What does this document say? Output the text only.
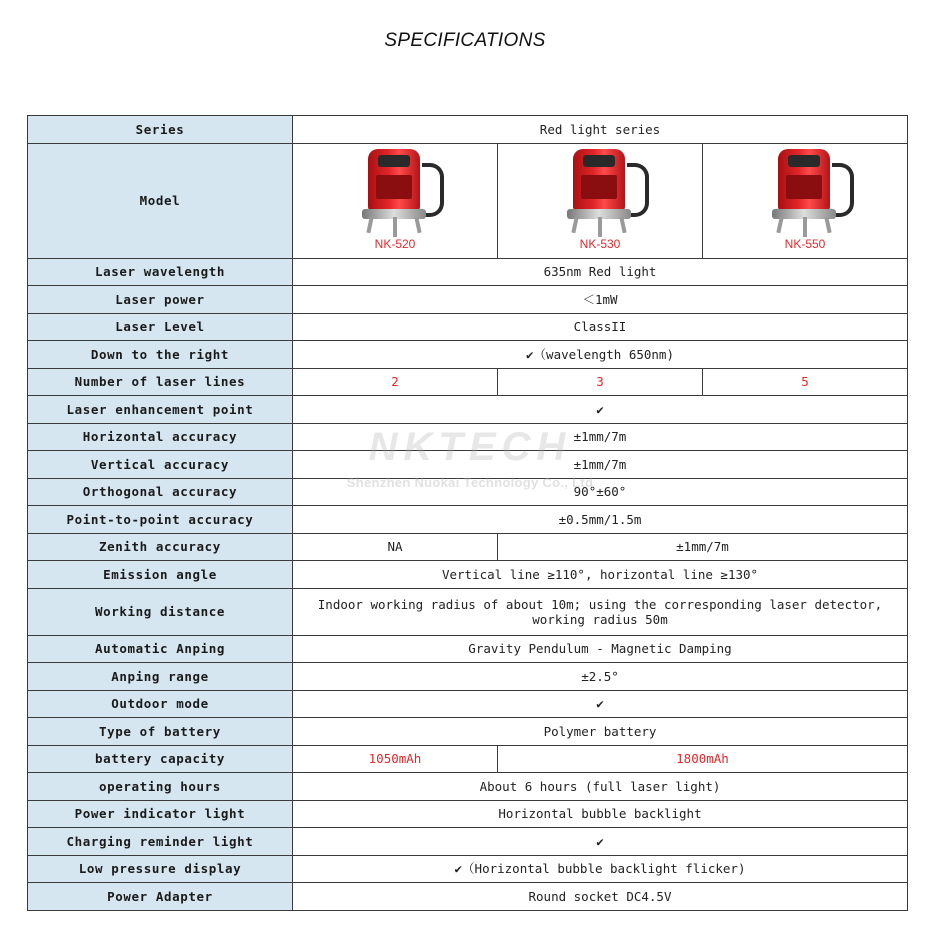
SPECIFICATIONS
Series	Red light series		
Model	NK-520	NK-530	NK-550

Laser wavelength	635nm Red light		
Laser power	＜1mW		
Laser Level	ClassII		
Down to the right	✔（wavelength 650nm)		
Number of laser lines	2	3	5
Laser enhancement point	✔		
Horizontal accuracy	±1mm/7m		
Vertical accuracy	±1mm/7m		
Orthogonal accuracy	90°±60°		
Point-to-point accuracy	±0.5mm/1.5m		
Zenith accuracy	NA	±1mm/7m	
Emission angle	Vertical line ≥110°, horizontal line ≥130°		
Working distance	Indoor working radius of about 10m; using the corresponding laser detector,
working radius 50m		

Automatic Anping	Gravity Pendulum - Magnetic Damping		
Anping range	±2.5°		
Outdoor mode	✔		
Type of battery	Polymer battery		
battery capacity	1050mAh	1800mAh	
operating hours	About 6 hours (full laser light)		
Power indicator light	Horizontal bubble backlight		
Charging reminder light	✔		
Low pressure display	✔（Horizontal bubble backlight flicker)		
Power Adapter	Round socket DC4.5V		
NKTECH
Shenzhen Nuokai Technology Co., Ltd
